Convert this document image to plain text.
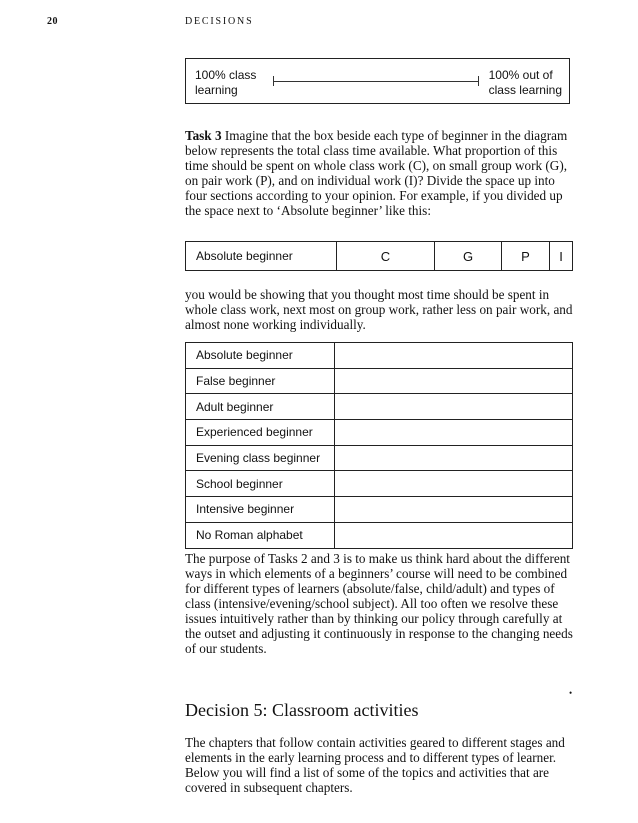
20	DECISIONS
100% class
learning
100% out of
class learning

Task 3 Imagine that the box beside each type of beginner in the diagram below represents the total class time available. What proportion of this time should be spent on whole class work (C), on small group work (G), on pair work (P), and on individual work (I)? Divide the space up into four sections according to your opinion. For example, if you divided up the space next to ‘Absolute beginner’ like this:

Absolute beginner	C	G	P	I

you would be showing that you thought most time should be spent in whole class work, next most on group work, rather less on pair work, and almost none working individually.

Absolute beginner
False beginner
Adult beginner
Experienced beginner
Evening class beginner
School beginner
Intensive beginner
No Roman alphabet

The purpose of Tasks 2 and 3 is to make us think hard about the different ways in which elements of a beginners’ course will need to be combined for different types of learners (absolute/false, child/adult) and types of class (intensive/evening/school subject). All too often we resolve these issues intuitively rather than by thinking our policy through carefully at the outset and adjusting it continuously in response to the changing needs of our students.

•
Decision 5: Classroom activities

The chapters that follow contain activities geared to different stages and elements in the early learning process and to different types of learner. Below you will find a list of some of the topics and activities that are covered in subsequent chapters.
